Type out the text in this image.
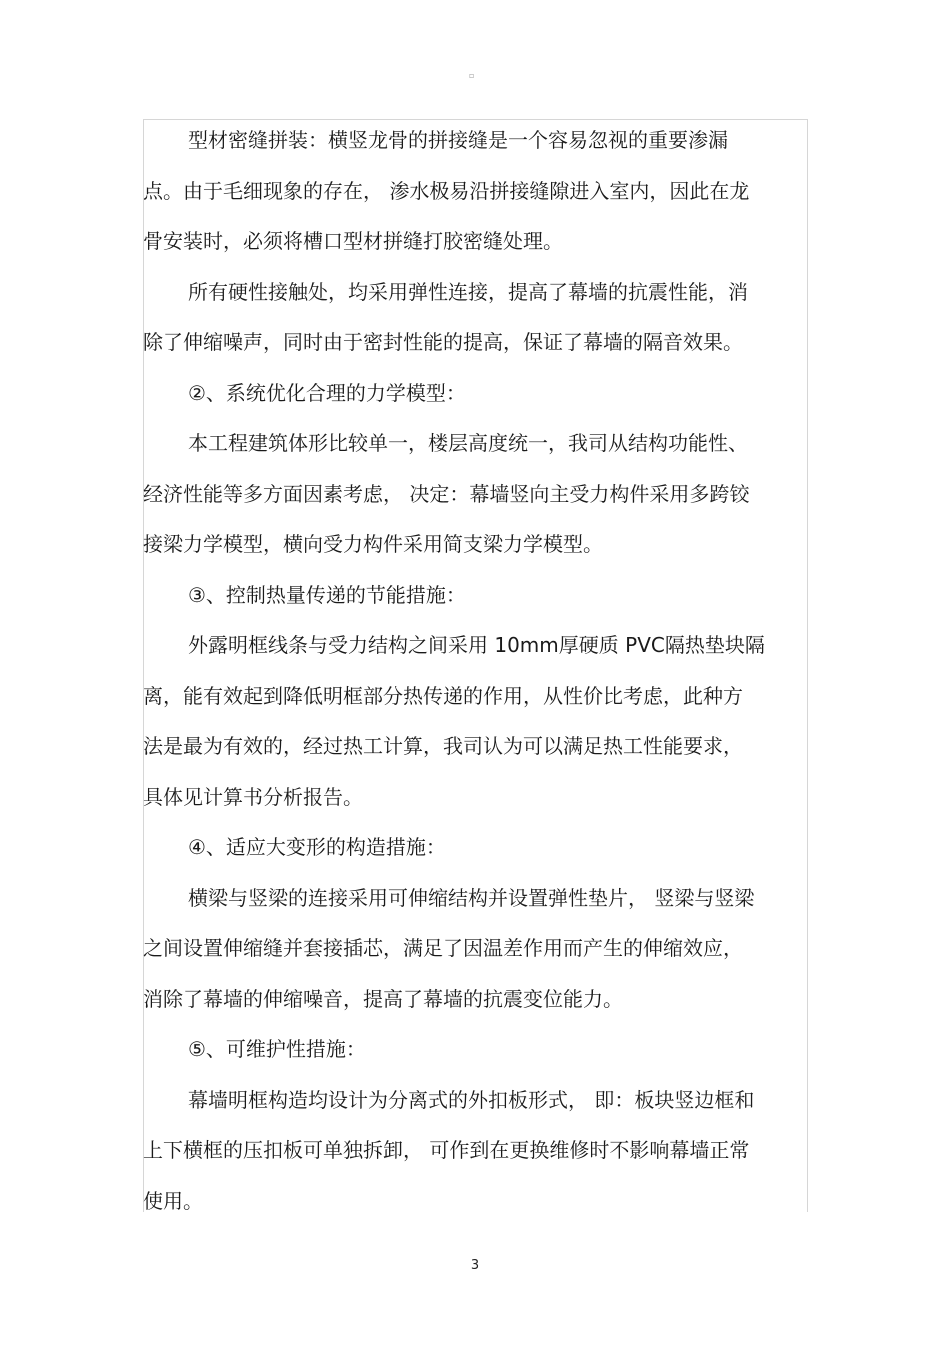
▫
型材密缝拼装：横竖龙骨的拼接缝是一个容易忽视的重要渗漏
点。由于毛细现象的存在， 渗水极易沿拼接缝隙进入室内，因此在龙
骨安装时，必须将槽口型材拼缝打胶密缝处理。
所有硬性接触处，均采用弹性连接，提高了幕墙的抗震性能，消
除了伸缩噪声，同时由于密封性能的提高，保证了幕墙的隔音效果。
②、系统优化合理的力学模型：
本工程建筑体形比较单一，楼层高度统一，我司从结构功能性、
经济性能等多方面因素考虑， 决定：幕墙竖向主受力构件采用多跨铰
接梁力学模型，横向受力构件采用简支梁力学模型。
③、控制热量传递的节能措施：
外露明框线条与受力结构之间采用 10mm厚硬质 PVC隔热垫块隔
离，能有效起到降低明框部分热传递的作用，从性价比考虑，此种方
法是最为有效的，经过热工计算，我司认为可以满足热工性能要求，
具体见计算书分析报告。
④、适应大变形的构造措施：
横梁与竖梁的连接采用可伸缩结构并设置弹性垫片， 竖梁与竖梁
之间设置伸缩缝并套接插芯，满足了因温差作用而产生的伸缩效应，
消除了幕墙的伸缩噪音，提高了幕墙的抗震变位能力。
⑤、可维护性措施：
幕墙明框构造均设计为分离式的外扣板形式， 即：板块竖边框和
上下横框的压扣板可单独拆卸， 可作到在更换维修时不影响幕墙正常
使用。
3
